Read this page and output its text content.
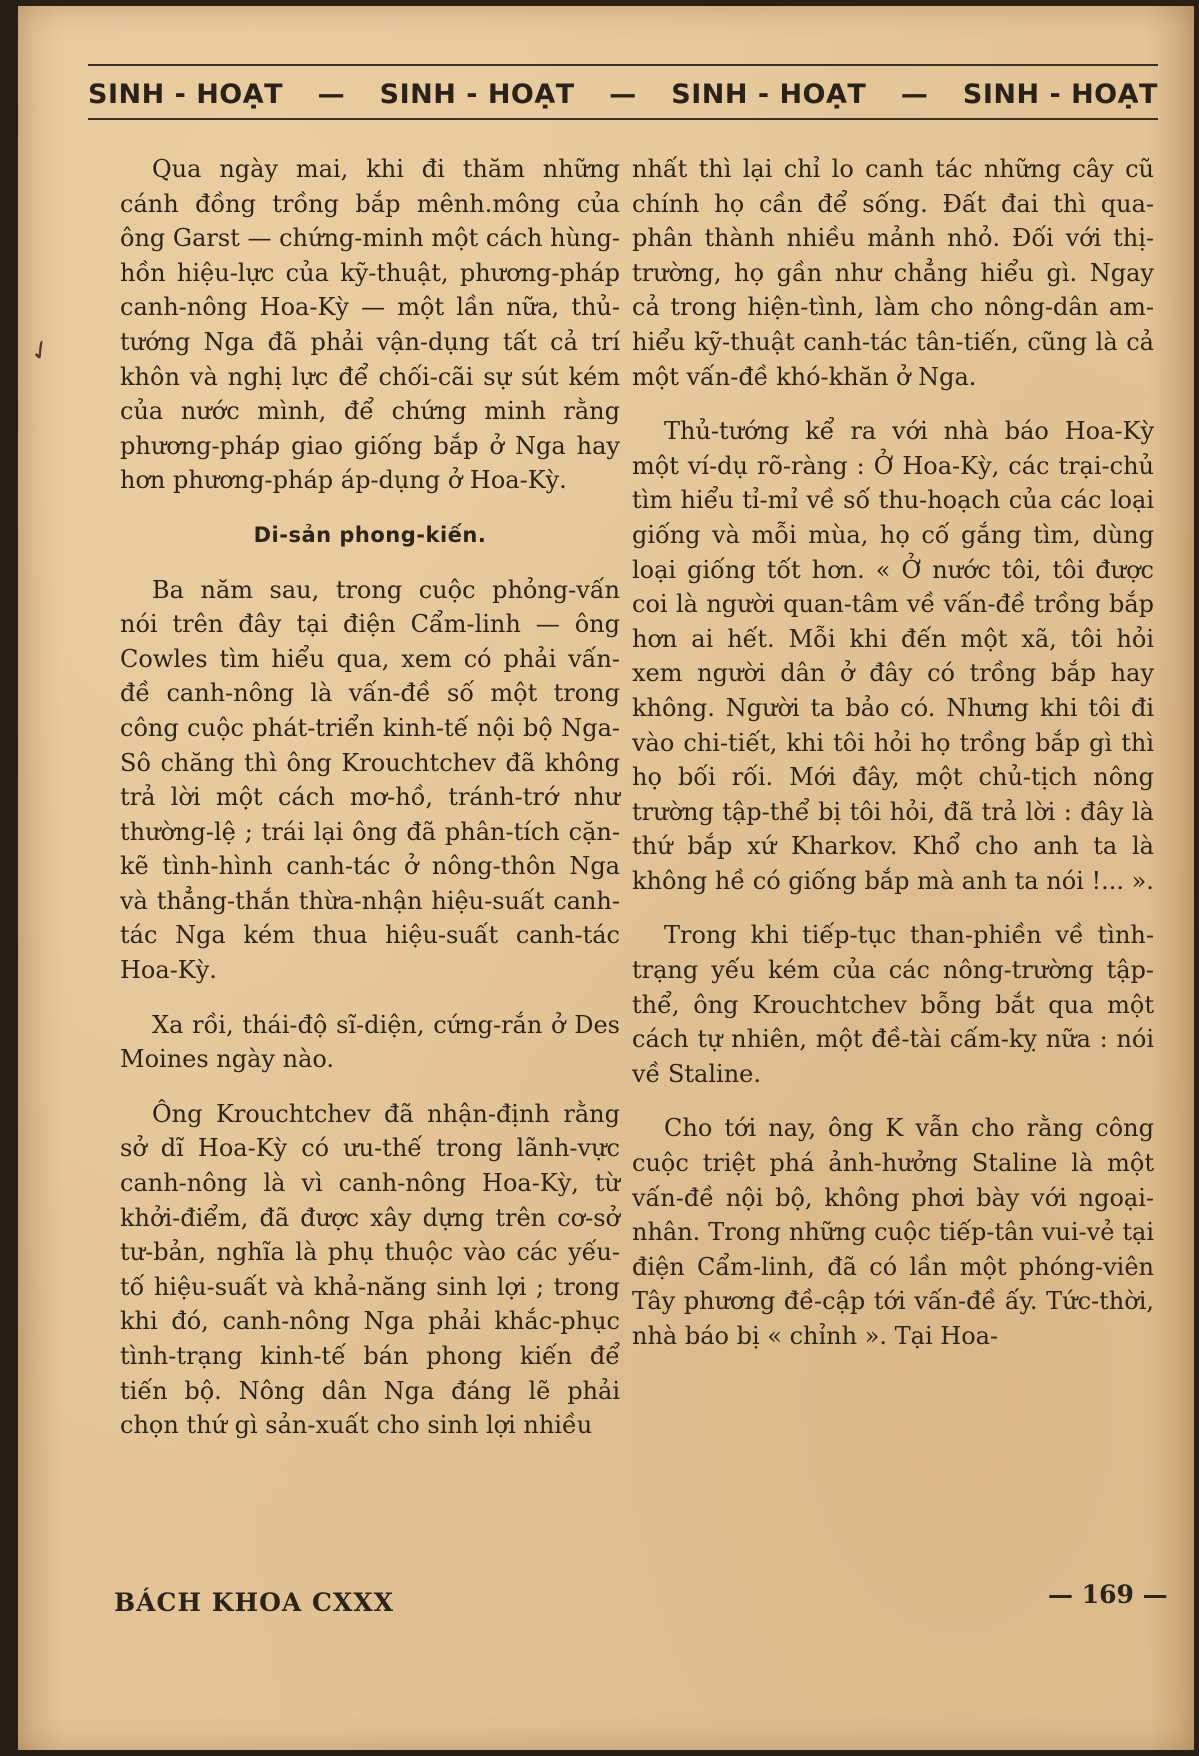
SINH - HOẠT — SINH - HOẠT — SINH - HOẠT — SINH - HOẠT

Qua ngày mai, khi đi thăm những cánh đồng trồng bắp mênh.mông của ông Garst — chứng-minh một cách hùng-hồn hiệu-lực của kỹ-thuật, phương-pháp canh-nông Hoa-Kỳ — một lần nữa, thủ-tướng Nga đã phải vận-dụng tất cả trí khôn và nghị lực để chối-cãi sự sút kém của nước mình, để chứng minh rằng phương-pháp giao giống bắp ở Nga hay hơn phương-pháp áp-dụng ở Hoa-Kỳ.

Di-sản phong-kiến.

Ba năm sau, trong cuộc phỏng-vấn nói trên đây tại điện Cẩm-linh — ông Cowles tìm hiểu qua, xem có phải vấn-đề canh-nông là vấn-đề số một trong công cuộc phát-triển kinh-tế nội bộ Nga-Sô chăng thì ông Krouchtchev đã không trả lời một cách mơ-hồ, tránh-trớ như thường-lệ ; trái lại ông đã phân-tích cặn-kẽ tình-hình canh-tác ở nông-thôn Nga và thẳng-thắn thừa-nhận hiệu-suất canh-tác Nga kém thua hiệu-suất canh-tác Hoa-Kỳ.

Xa rồi, thái-độ sĩ-diện, cứng-rắn ở Des Moines ngày nào.

Ông Krouchtchev đã nhận-định rằng sở dĩ Hoa-Kỳ có ưu-thế trong lãnh-vực canh-nông là vì canh-nông Hoa-Kỳ, từ khởi-điểm, đã được xây dựng trên cơ-sở tư-bản, nghĩa là phụ thuộc vào các yếu-tố hiệu-suất và khả-năng sinh lợi ; trong khi đó, canh-nông Nga phải khắc-phục tình-trạng kinh-tế bán phong kiến để tiến bộ. Nông dân Nga đáng lẽ phải chọn thứ gì sản-xuất cho sinh lợi nhiều

nhất thì lại chỉ lo canh tác những cây cũ chính họ cần để sống. Đất đai thì qua-phân thành nhiều mảnh nhỏ. Đối với thị-trường, họ gần như chẳng hiểu gì. Ngay cả trong hiện-tình, làm cho nông-dân am-hiểu kỹ-thuật canh-tác tân-tiến, cũng là cả một vấn-đề khó-khăn ở Nga.

Thủ-tướng kể ra với nhà báo Hoa-Kỳ một ví-dụ rõ-ràng : Ở Hoa-Kỳ, các trại-chủ tìm hiểu tỉ-mỉ về số thu-hoạch của các loại giống và mỗi mùa, họ cố gắng tìm, dùng loại giống tốt hơn. « Ở nước tôi, tôi được coi là người quan-tâm về vấn-đề trồng bắp hơn ai hết. Mỗi khi đến một xã, tôi hỏi xem người dân ở đây có trồng bắp hay không. Người ta bảo có. Nhưng khi tôi đi vào chi-tiết, khi tôi hỏi họ trồng bắp gì thì họ bối rối. Mới đây, một chủ-tịch nông trường tập-thể bị tôi hỏi, đã trả lời : đây là thứ bắp xứ Kharkov. Khổ cho anh ta là không hề có giống bắp mà anh ta nói !... ».

Trong khi tiếp-tục than-phiền về tình-trạng yếu kém của các nông-trường tập-thể, ông Krouchtchev bỗng bắt qua một cách tự nhiên, một đề-tài cấm-kỵ nữa : nói về Staline.

Cho tới nay, ông K vẫn cho rằng công cuộc triệt phá ảnh-hưởng Staline là một vấn-đề nội bộ, không phơi bày với ngoại-nhân. Trong những cuộc tiếp-tân vui-vẻ tại điện Cẩm-linh, đã có lần một phóng-viên Tây phương đề-cập tới vấn-đề ấy. Tức-thời, nhà báo bị « chỉnh ». Tại Hoa-

BÁCH KHOA CXXX	— 169 —
✓
